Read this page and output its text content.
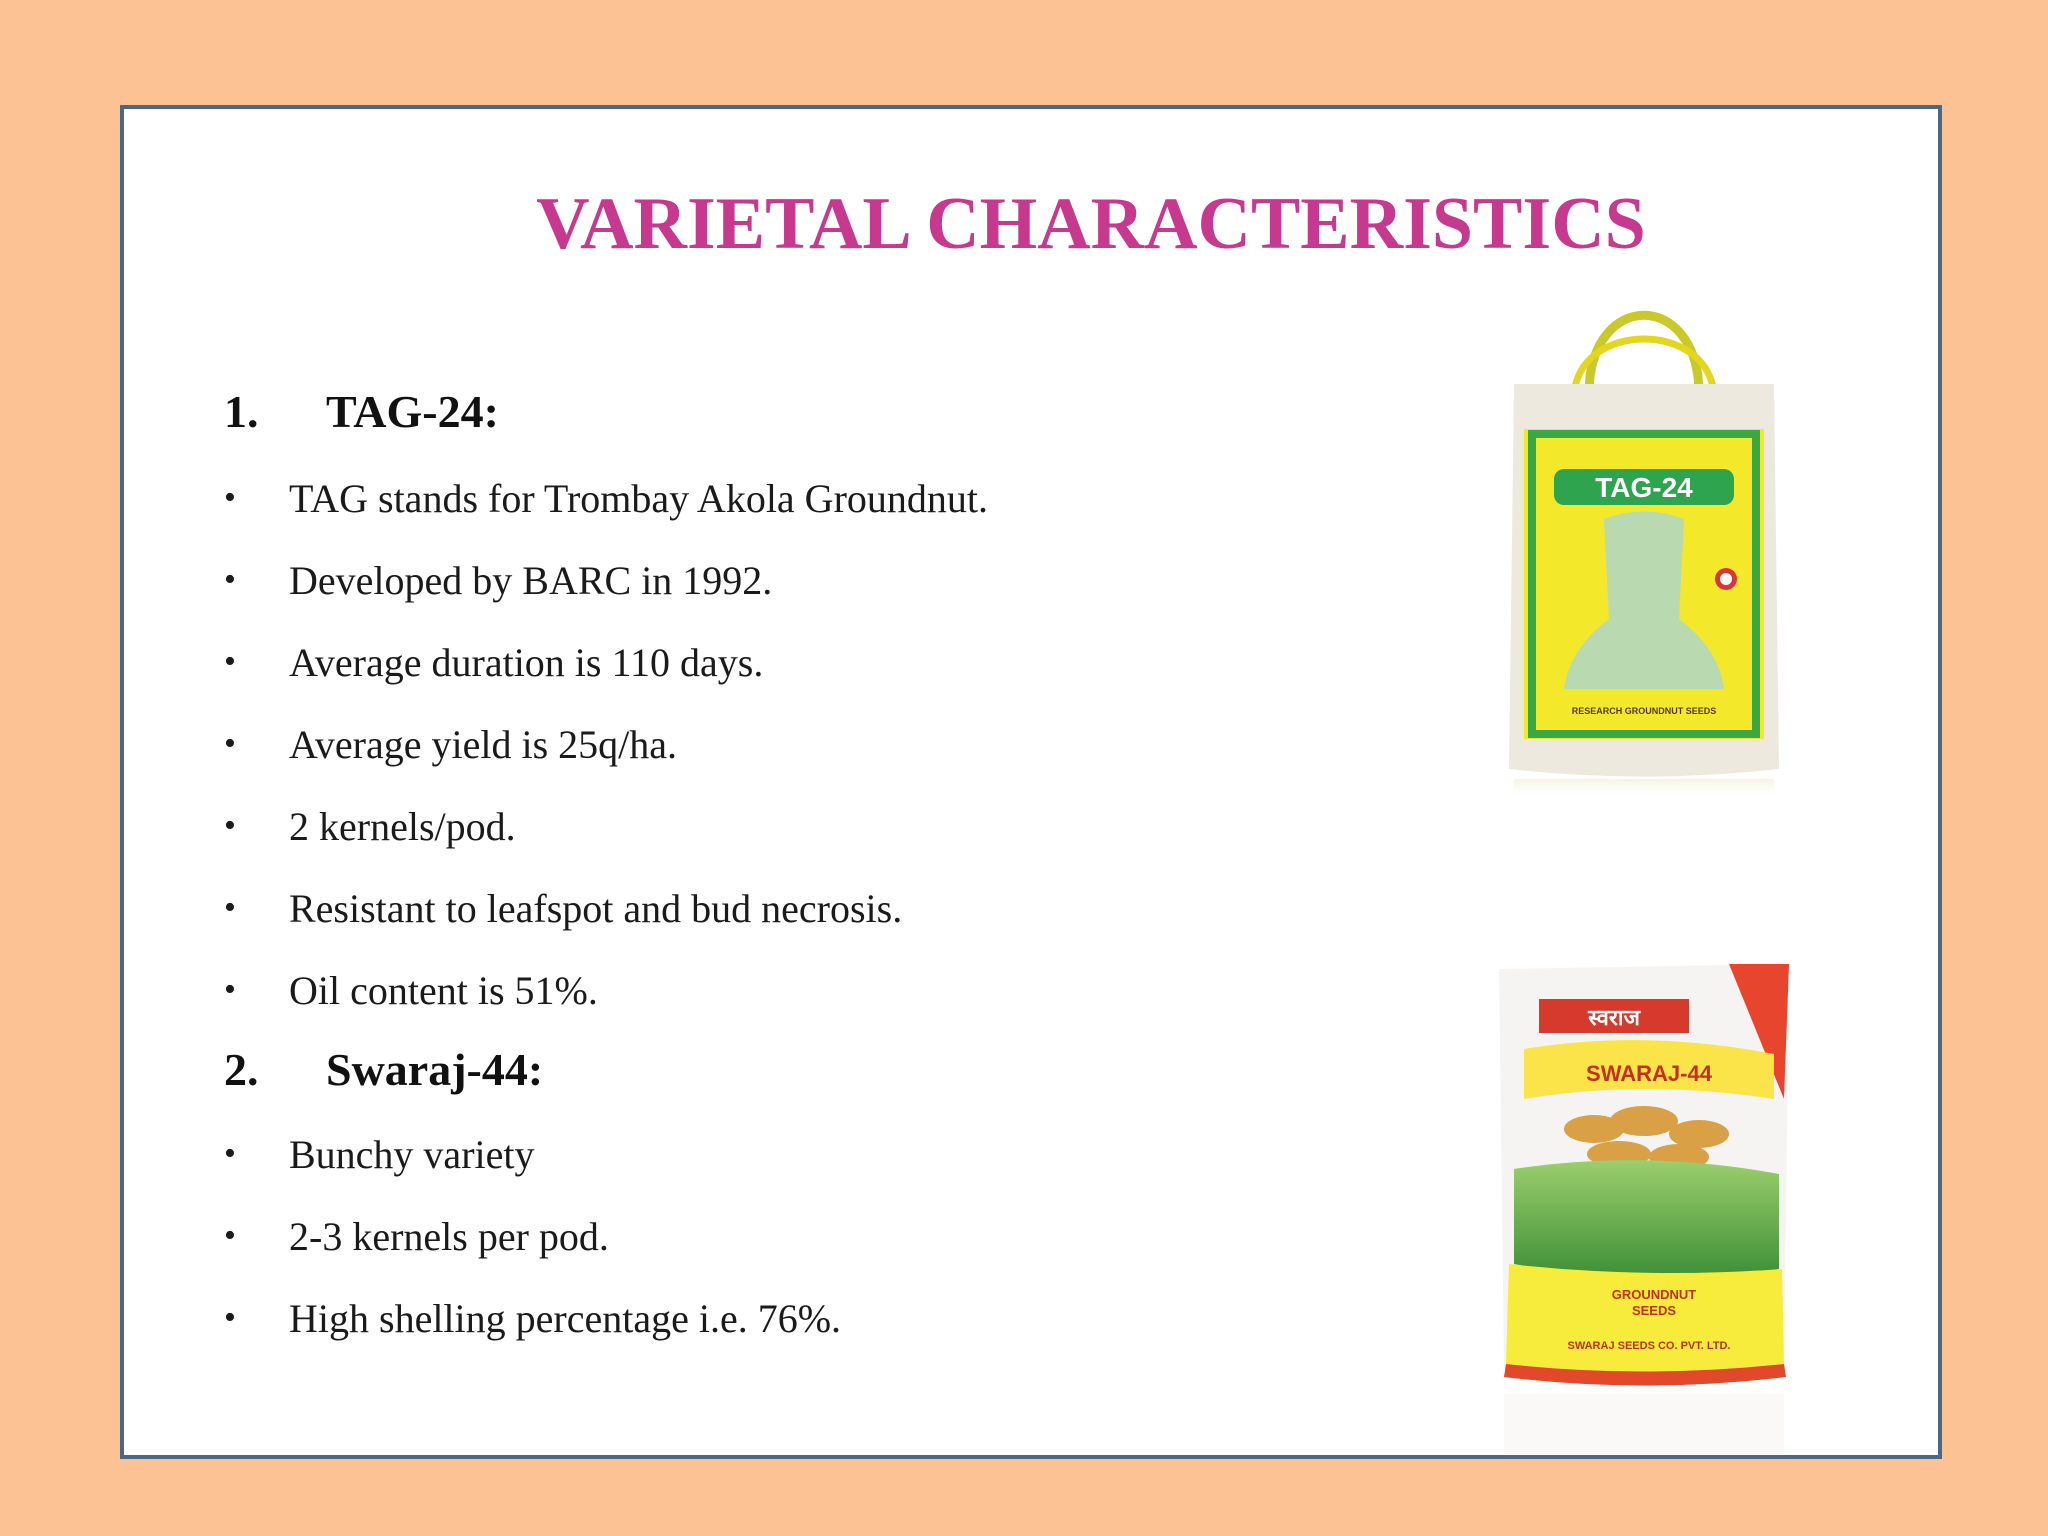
VARIETAL CHARACTERISTICS
1.	TAG-24:
•	TAG stands for Trombay Akola Groundnut.
•	Developed by BARC in 1992.
•	Average duration is 110 days.
•	Average yield is 25q/ha.
•	2 kernels/pod.
•	Resistant to leafspot and bud necrosis.
•	Oil content is 51%.
2.	Swaraj-44:
•	Bunchy variety
•	2-3 kernels per pod.
•	High shelling percentage i.e. 76%.
TAG-24
RESEARCH GROUNDNUT SEEDS
स्वराज
SWARAJ-44
GROUNDNUT
SEEDS
SWARAJ SEEDS CO. PVT. LTD.
